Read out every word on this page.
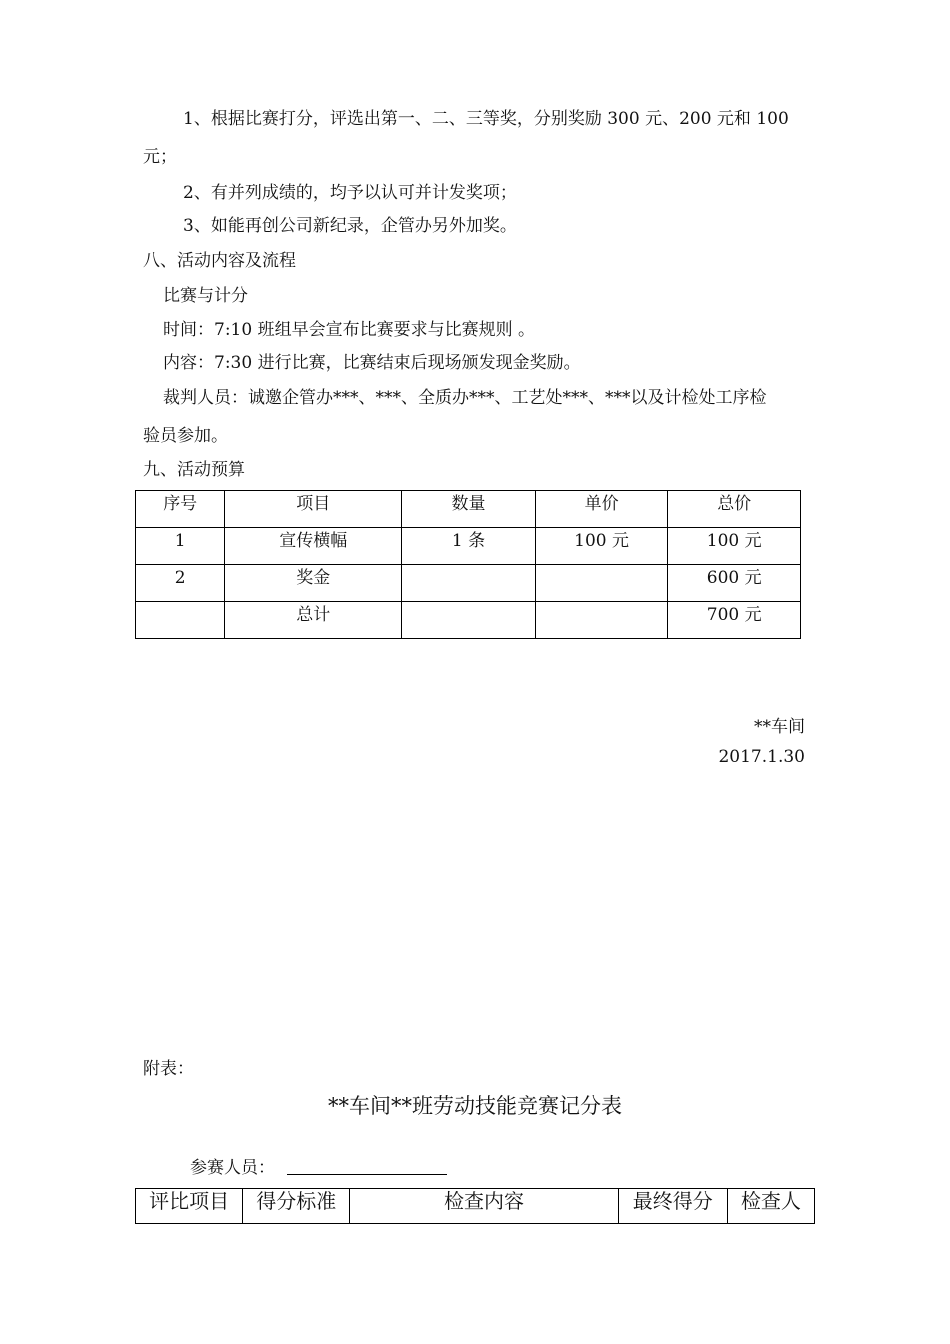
1、根据比赛打分，评选出第一、二、三等奖，分别奖励 300 元、200 元和 100
元；
2、有并列成绩的，均予以认可并计发奖项；
3、如能再创公司新纪录，企管办另外加奖。
八、活动内容及流程
比赛与计分
时间：7:10 班组早会宣布比赛要求与比赛规则 。
内容：7:30 进行比赛，比赛结束后现场颁发现金奖励。
裁判人员：诚邀企管办***、***、全质办***、工艺处***、***以及计检处工序检
验员参加。
九、活动预算
序号	项目	数量	单价	总价
1	宣传横幅	1 条	100 元	100 元
2	奖金			600 元
	总计			700 元
**车间
2017.1.30
附表：
**车间**班劳动技能竞赛记分表
参赛人员：
评比项目	得分标准	检查内容	最终得分	检查人
